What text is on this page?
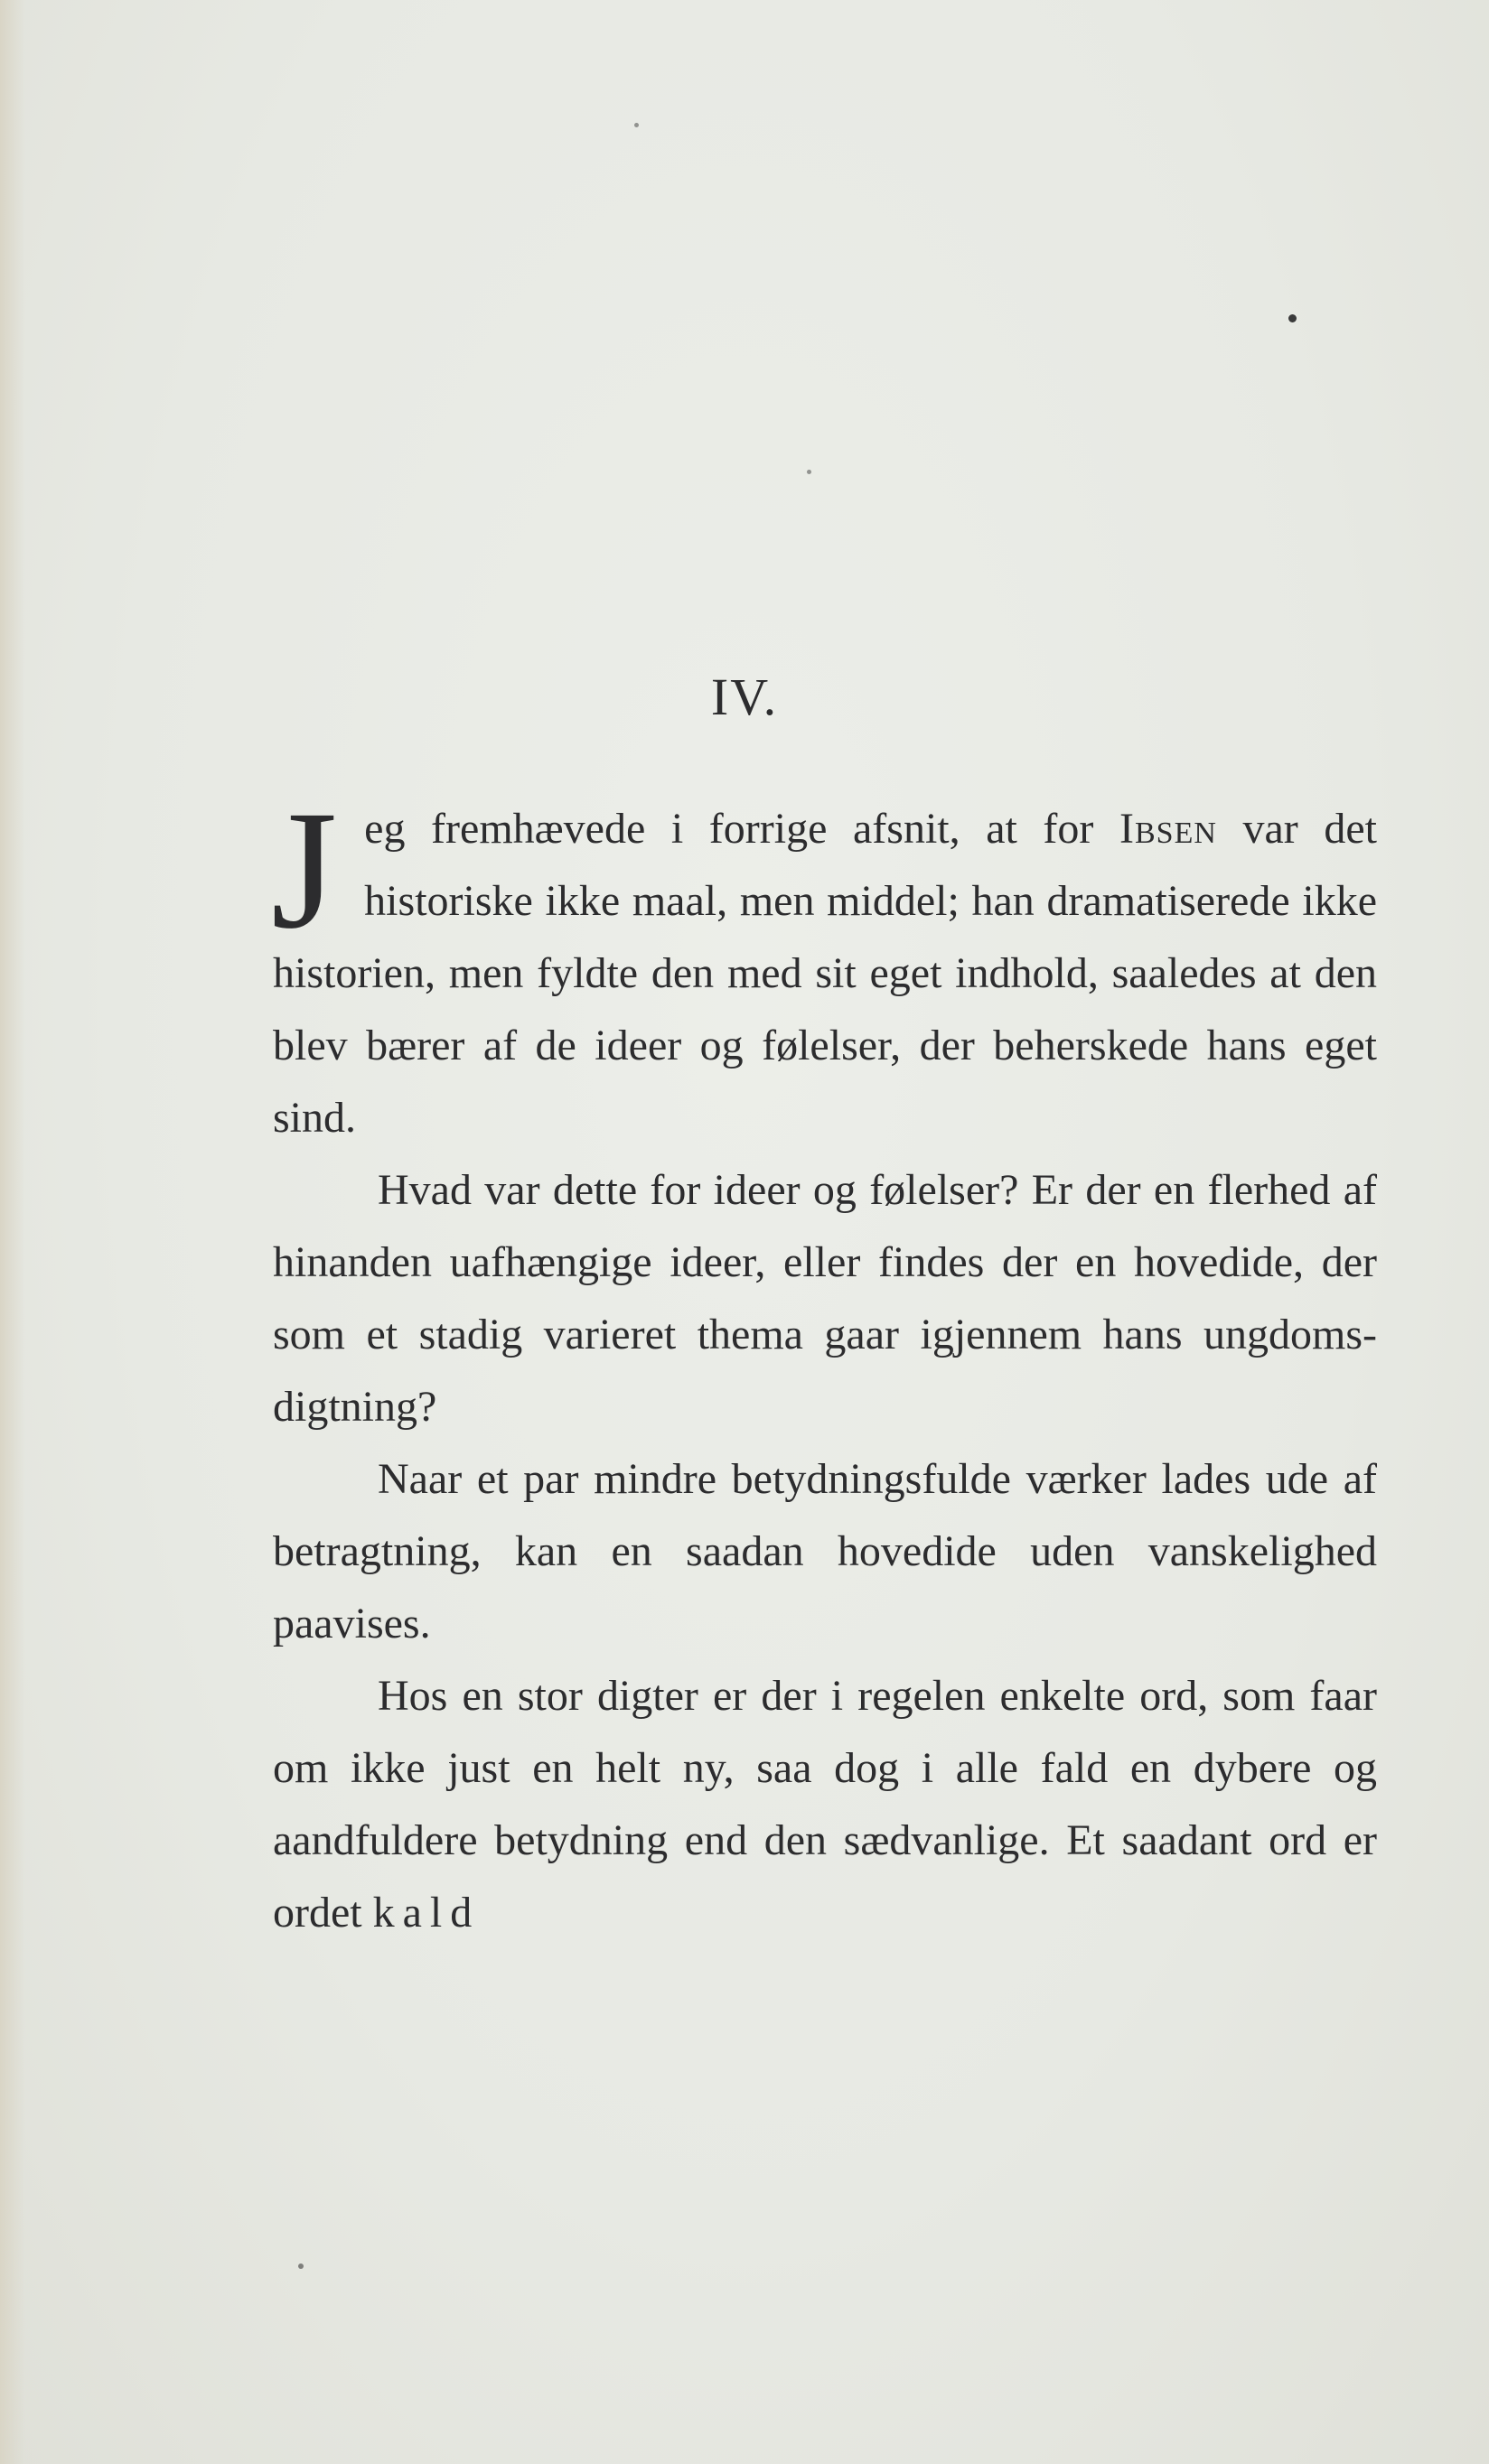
IV.

Jeg fremhævede i forrige afsnit, at for Ibsen var det historiske ikke maal, men middel; han dramatiserede ikke historien, men fyldte den med sit eget indhold, saaledes at den blev bærer af de ideer og følelser, der beherskede hans eget sind.

Hvad var dette for ideer og følelser? Er der en flerhed af hinanden uafhængige ideer, eller findes der en hovedide, der som et stadig varieret thema gaar igjennem hans ungdomsdigtning?

Naar et par mindre betydningsfulde værker lades ude af betragtning, kan en saadan hovedide uden vanskelighed paavises.

Hos en stor digter er der i regelen enkelte ord, som faar om ikke just en helt ny, saa dog i alle fald en dybere og aandfuldere betydning end den sædvanlige. Et saadant ord er ordet kald
